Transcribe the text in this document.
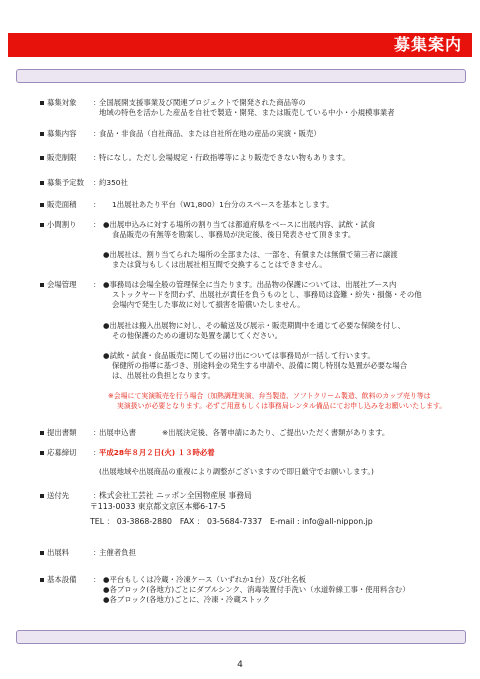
募集案内
募集対象 ：
全国展開支援事業及び関連プロジェクトで開発された商品等の
地域の特色を活かした産品を自社で製造・開発、または販売している中小・小規模事業者
募集内容 ：
食品・非食品（自社商品、または自社所在地の産品の実演・販売）
販売制限 ：
特になし。ただし会場規定・行政指導等により販売できない物もあります。
募集予定数 ：
約350社
販売面積 ： 1出展社あたり平台（W1,800）1台分のスペースを基本とします。
小間割り ： ●出展申込みに対する場所の割り当ては都道府県をベースに出展内容、試飲・試食
食品販売の有無等を勘案し、事務局が決定後、後日発表させて頂きます。
●出展社は、割り当てられた場所の全部または、一部を、有償または無償で第三者に譲渡
または貸与もしくは出展社相互間で交換することはできません。
会場管理 ： ●事務局は会場全般の管理保全に当たります。出品物の保護については、出展社ブース内
ストックヤードを問わず、出展社が責任を負うものとし、事務局は盗難・紛失・損傷・その他
会場内で発生した事故に対して損害を賠償いたしません。
●出展社は搬入出展物に対し、その輸送及び展示・販売期間中を通じて必要な保険を付し、
その他保護のための適切な処置を講じてください。
●試飲・試食・食品販売に関しての届け出については事務局が一括して行います。
保健所の指導に基づき、別途料金の発生する申請や、設備に関し特別な処置が必要な場合
は、出展社の負担となります。
※会場にて実演販売を行う場合（加熱調理実演、弁当製造、ソフトクリーム製造、飲料のカップ売り等は
実演扱いが必要となります。必ずご用意もしくは事務局レンタル備品にてお申し込みをお願いいたします。
提出書類 ：
出展申込書	※出展決定後、各署申請にあたり、ご提出いただく書類があります。
応募締切 ：
平成28年８月２日(火) １３時必着
(出展地域や出展商品の重複により調整がございますので即日厳守でお願いします。)
送付先	：
株式会社工芸社 ニッポン全国物産展 事務局
〒113-0033 東京都文京区本郷6-17-5
TEL ： 03-3868-2880　FAX ： 03-5684-7337　E-mail : info@all-nippon.jp
出展料	：
主催者負担
基本設備 ： ●平台もしくは冷蔵・冷凍ケース（いずれか1台）及び社名板
●各ブロック(各地方)ごとにダブルシンク、消毒装置付手洗い（水道幹線工事・使用料含む）
●各ブロック(各地方)ごとに、冷凍・冷蔵ストック
4
